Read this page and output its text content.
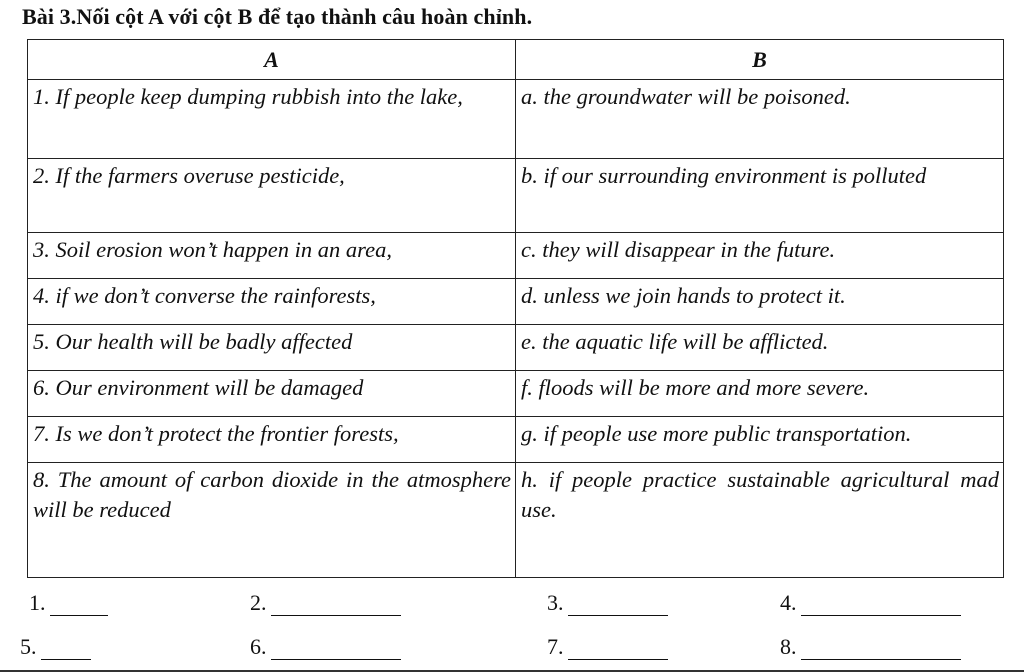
Bài 3.Nối cột A với cột B để tạo thành câu hoàn chỉnh.
A	B
1. If people keep dumping rubbish into the lake,	a. the groundwater will be poisoned.
2. If the farmers overuse pesticide,	b. if our surrounding environment is polluted
3. Soil erosion won’t happen in an area,	c. they will disappear in the future.
4. if we don’t converse the rainforests,	d. unless we join hands to protect it.
5. Our health will be badly affected	e. the aquatic life will be afflicted.
6. Our environment will be damaged	f. floods will be more and more severe.
7. Is we don’t protect the frontier forests,	g. if people use more public transportation.
8. The amount of carbon dioxide in the atmosphere will be reduced	h. if people practice sustainable agricultural mad use.
1.	2.	3.	4.
5.	6.	7.	8.
